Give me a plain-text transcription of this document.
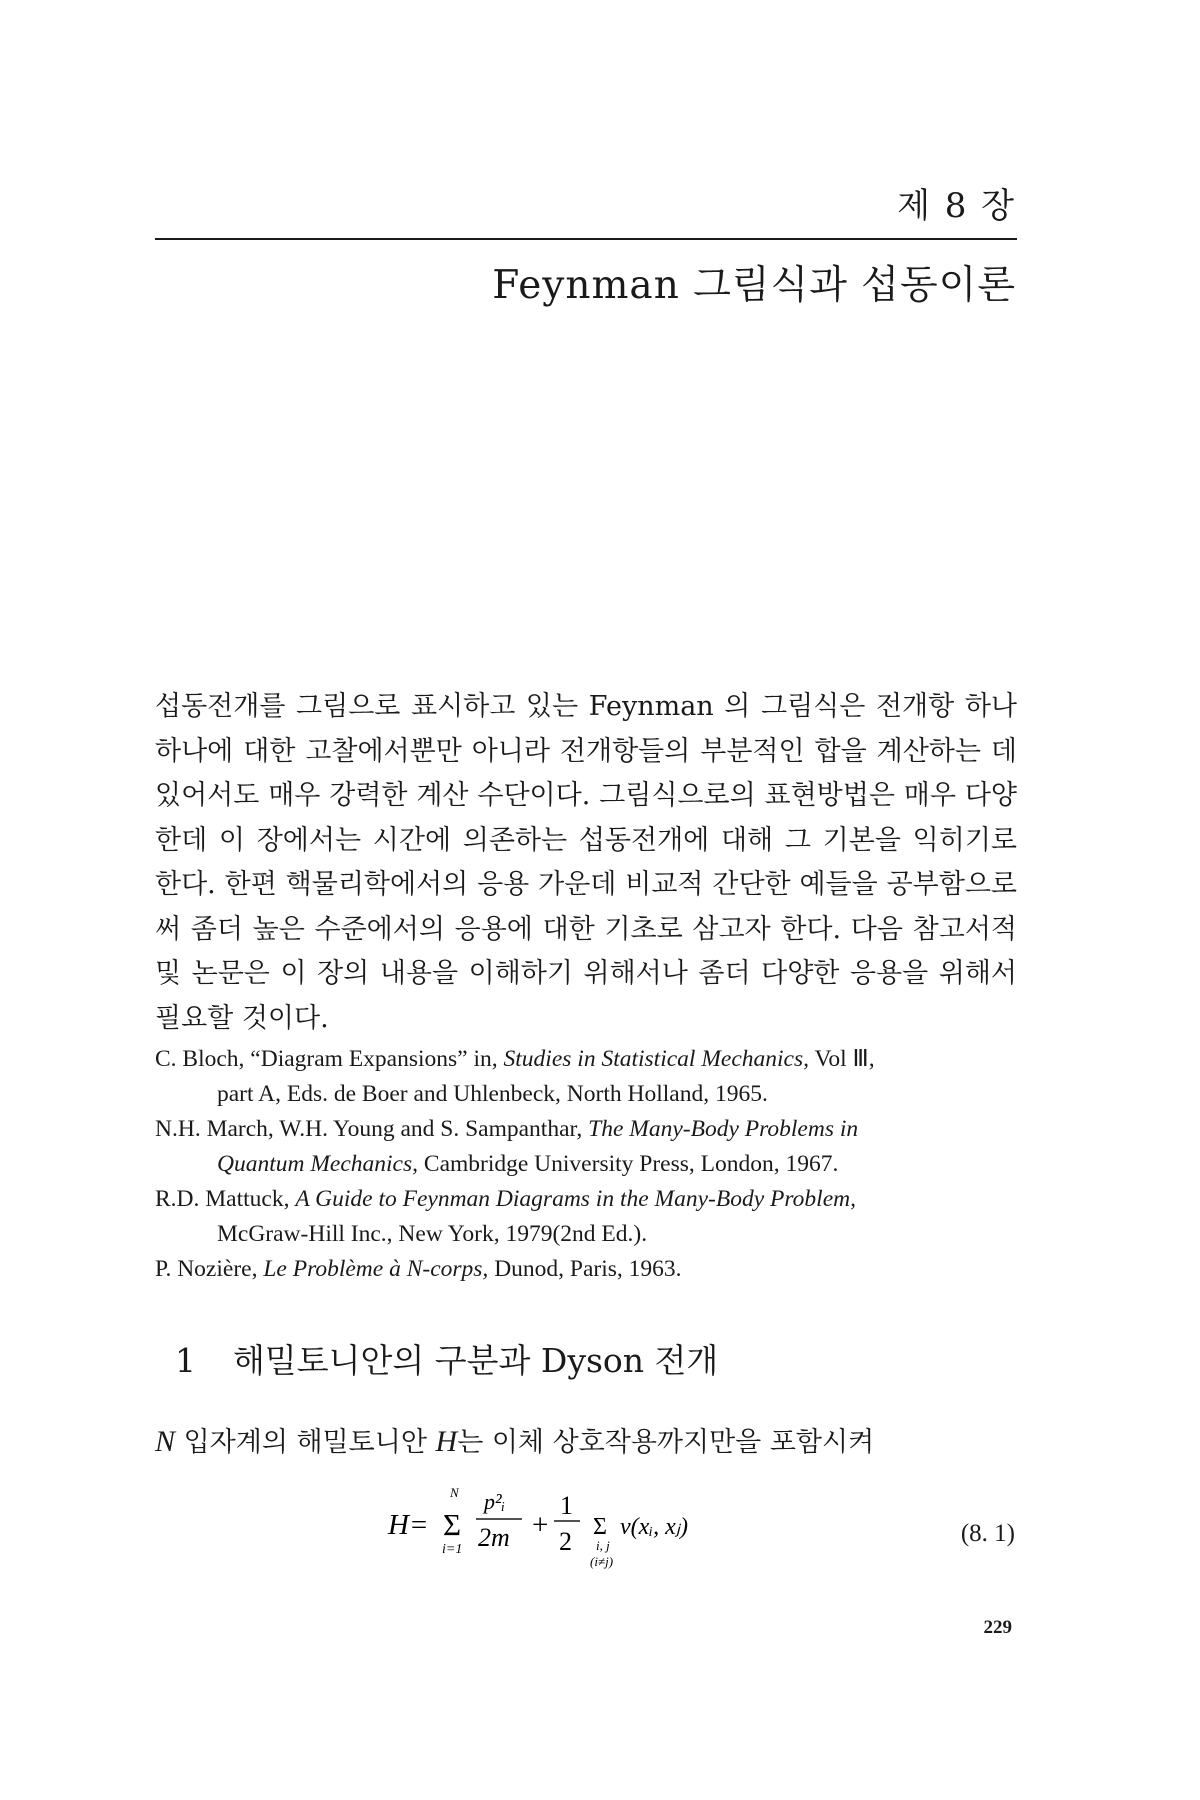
제 8 장
Feynman 그림식과 섭동이론

섭동전개를 그림으로 표시하고 있는 Feynman 의 그림식은 전개항 하나하나에 대한 고찰에서뿐만 아니라 전개항들의 부분적인 합을 계산하는 데 있어서도 매우 강력한 계산 수단이다. 그림식으로의 표현방법은 매우 다양한데 이 장에서는 시간에 의존하는 섭동전개에 대해 그 기본을 익히기로 한다. 한편 핵물리학에서의 응용 가운데 비교적 간단한 예들을 공부함으로써 좀더 높은 수준에서의 응용에 대한 기초로 삼고자 한다. 다음 참고서적 및 논문은 이 장의 내용을 이해하기 위해서나 좀더 다양한 응용을 위해서 필요할 것이다.

C. Bloch, “Diagram Expansions” in, Studies in Statistical Mechanics, Vol Ⅲ,
part A, Eds. de Boer and Uhlenbeck, North Holland, 1965.

N.H. March, W.H. Young and S. Sampanthar, The Many-Body Problems in
Quantum Mechanics, Cambridge University Press, London, 1967.

R.D. Mattuck, A Guide to Feynman Diagrams in the Many-Body Problem,
McGraw-Hill Inc., New York, 1979(2nd Ed.).

P. Nozière, Le Problème à N-corps, Dunod, Paris, 1963.

1 해밀토니안의 구분과 Dyson 전개
N 입자계의 해밀토니안 H는 이체 상호작용까지만을 포함시켜
H=
N
Σ
i=1
p²ᵢ
2m +
1
2 Σ
i, j
(i≠j)
v(xᵢ, xⱼ)	(8. 1)
229
